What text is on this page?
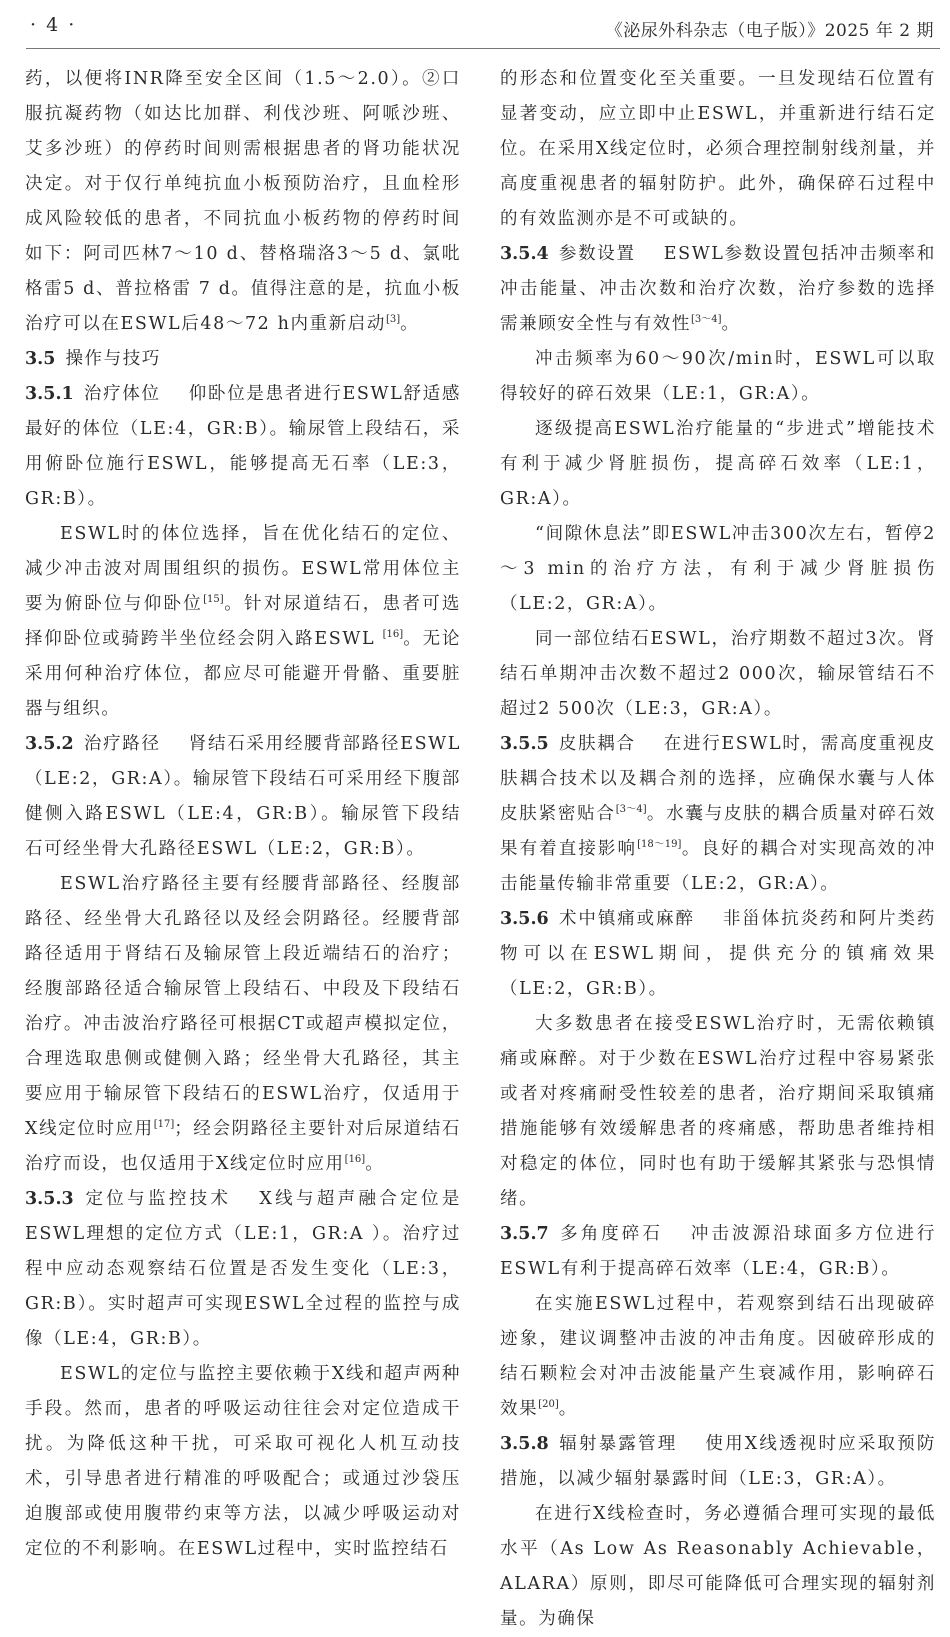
· 4 ·	《泌尿外科杂志（电子版）》2025 年 2 期

药，以便将INR降至安全区间（1.5～2.0）。②口服抗凝药物（如达比加群、利伐沙班、阿哌沙班、艾多沙班）的停药时间则需根据患者的肾功能状况决定。对于仅行单纯抗血小板预防治疗，且血栓形成风险较低的患者，不同抗血小板药物的停药时间如下：阿司匹林7～10 d、替格瑞洛3～5 d、氯吡格雷5 d、普拉格雷 7 d。值得注意的是，抗血小板治疗可以在ESWL后48～72 h内重新启动[3]。

3.5 操作与技巧

3.5.1 治疗体位 仰卧位是患者进行ESWL舒适感最好的体位（LE:4，GR:B）。输尿管上段结石，采用俯卧位施行ESWL，能够提高无石率（LE:3，GR:B）。

ESWL时的体位选择，旨在优化结石的定位、减少冲击波对周围组织的损伤。ESWL常用体位主要为俯卧位与仰卧位[15]。针对尿道结石，患者可选择仰卧位或骑跨半坐位经会阴入路ESWL [16]。无论采用何种治疗体位，都应尽可能避开骨骼、重要脏器与组织。

3.5.2 治疗路径 肾结石采用经腰背部路径ESWL（LE:2，GR:A）。输尿管下段结石可采用经下腹部健侧入路ESWL（LE:4，GR:B）。输尿管下段结石可经坐骨大孔路径ESWL（LE:2，GR:B）。

ESWL治疗路径主要有经腰背部路径、经腹部路径、经坐骨大孔路径以及经会阴路径。经腰背部路径适用于肾结石及输尿管上段近端结石的治疗；经腹部路径适合输尿管上段结石、中段及下段结石治疗。冲击波治疗路径可根据CT或超声模拟定位，合理选取患侧或健侧入路；经坐骨大孔路径，其主要应用于输尿管下段结石的ESWL治疗，仅适用于X线定位时应用[17]；经会阴路径主要针对后尿道结石治疗而设，也仅适用于X线定位时应用[16]。

3.5.3 定位与监控技术 X线与超声融合定位是ESWL理想的定位方式（LE:1，GR:A ）。治疗过程中应动态观察结石位置是否发生变化（LE:3，GR:B）。实时超声可实现ESWL全过程的监控与成像（LE:4，GR:B）。

ESWL的定位与监控主要依赖于X线和超声两种手段。然而，患者的呼吸运动往往会对定位造成干扰。为降低这种干扰，可采取可视化人机互动技术，引导患者进行精准的呼吸配合；或通过沙袋压迫腹部或使用腹带约束等方法，以减少呼吸运动对定位的不利影响。在ESWL过程中，实时监控结石

的形态和位置变化至关重要。一旦发现结石位置有显著变动，应立即中止ESWL，并重新进行结石定位。在采用X线定位时，必须合理控制射线剂量，并高度重视患者的辐射防护。此外，确保碎石过程中的有效监测亦是不可或缺的。

3.5.4 参数设置 ESWL参数设置包括冲击频率和冲击能量、冲击次数和治疗次数，治疗参数的选择需兼顾安全性与有效性[3～4]。

冲击频率为60～90次/min时，ESWL可以取得较好的碎石效果（LE:1，GR:A）。

逐级提高ESWL治疗能量的“步进式”增能技术有利于减少肾脏损伤，提高碎石效率（LE:1，GR:A）。

“间隙休息法”即ESWL冲击300次左右，暂停2～3 min的治疗方法，有利于减少肾脏损伤（LE:2，GR:A）。

同一部位结石ESWL，治疗期数不超过3次。肾结石单期冲击次数不超过2 000次，输尿管结石不超过2 500次（LE:3，GR:A）。

3.5.5 皮肤耦合 在进行ESWL时，需高度重视皮肤耦合技术以及耦合剂的选择，应确保水囊与人体皮肤紧密贴合[3～4]。水囊与皮肤的耦合质量对碎石效果有着直接影响[18～19]。良好的耦合对实现高效的冲击能量传输非常重要（LE:2，GR:A）。

3.5.6 术中镇痛或麻醉 非甾体抗炎药和阿片类药物可以在ESWL期间，提供充分的镇痛效果（LE:2，GR:B）。

大多数患者在接受ESWL治疗时，无需依赖镇痛或麻醉。对于少数在ESWL治疗过程中容易紧张或者对疼痛耐受性较差的患者，治疗期间采取镇痛措施能够有效缓解患者的疼痛感，帮助患者维持相对稳定的体位，同时也有助于缓解其紧张与恐惧情绪。

3.5.7 多角度碎石 冲击波源沿球面多方位进行ESWL有利于提高碎石效率（LE:4，GR:B）。

在实施ESWL过程中，若观察到结石出现破碎迹象，建议调整冲击波的冲击角度。因破碎形成的结石颗粒会对冲击波能量产生衰减作用，影响碎石效果[20]。

3.5.8 辐射暴露管理 使用X线透视时应采取预防措施，以减少辐射暴露时间（LE:3，GR:A）。

在进行X线检查时，务必遵循合理可实现的最低水平（As Low As Reasonably Achievable，ALARA）原则，即尽可能降低可合理实现的辐射剂量。为确保
